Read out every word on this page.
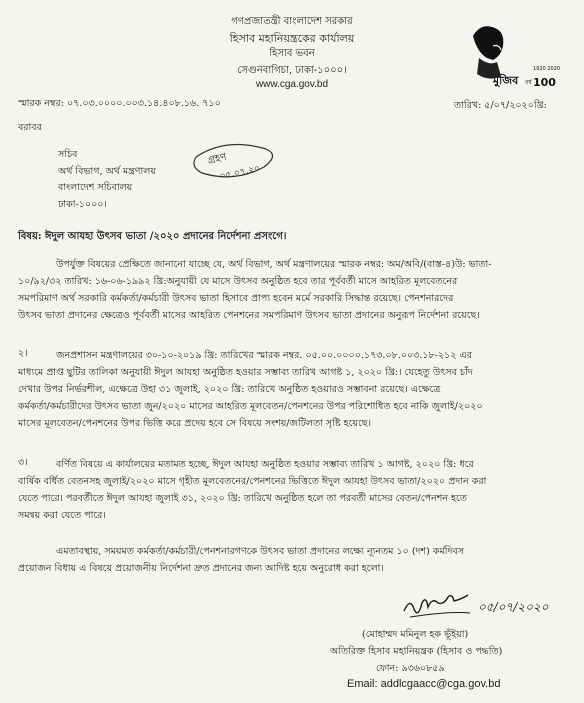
গণপ্রজাতন্ত্রী বাংলাদেশ সরকার
হিসাব মহানিয়ন্ত্রকের কার্যালয়
হিসাব ভবন
সেগুনবাগিচা, ঢাকা-১০০০।
www.cga.gov.bd	মুজিব
1920 2020
বর্ষ 100
স্মারক নম্বর: ০৭.০৩.০০০০.০০৩.১৪.৪০৮.১৬. ৭১০	তারিখ: ৫/০৭/২০২০খ্রি:
বরাবর
সচিব
অর্থ বিভাগ, অর্থ মন্ত্রণালয়
বাংলাদেশ সচিবালয়
ঢাকা-১০০০।
গ্রহণ
০৫.০৭.২০
বিষয়: ঈদুল আযহা উৎসব ভাতা /২০২০ প্রদানের নির্দেশনা প্রসংগে।
উপর্যুক্ত বিষয়ের প্রেক্ষিতে জানানো যাচ্ছে যে, অর্থ বিভাগ, অর্থ মন্ত্রণালয়ের স্মারক নম্বর: অম/অবি/(বাস্ত-৪)উ: ভাতা-
১০/৯২/৩২ তারিখ: ১৬-০৬-১৯৯২ খ্রি:অনুযায়ী যে মাসে উৎসব অনুষ্ঠিত হবে তার পূর্ববর্তী মাসে আহরিত মূলবেতনের
সমপরিমাণ অর্থ সরকারি কর্মকর্তা/কর্মচারী উৎসব ভাতা হিসাবে প্রাপ্য হবেন মর্মে সরকারি সিদ্ধান্ত রয়েছে। পেনশনারদের
উৎসব ভাতা প্রদানের ক্ষেত্রেও পূর্ববর্তী মাসের আহরিত পেনশনের সমপরিমাণ উৎসব ভাতা প্রদানের অনুরূপ নির্দেশনা রয়েছে।
২।	জনপ্রশাসন মন্ত্রণালয়ের ৩০-১০-২০১৯ খ্রি: তারিখের স্মারক নম্বর. ০৫.০০.০০০০.১৭৩.০৮.০০৩.১৮-২১২ এর
মাধ্যমে প্রাপ্ত ছুটির তালিকা অনুযায়ী ঈদুল আযহা অনুষ্ঠিত হওয়ার সম্ভাব্য তারিখ আগষ্ট ১, ২০২০ খ্রি:। যেহেতু উৎসব চাঁদ
দেখার উপর নির্ভরশীল, এক্ষেত্রে উহা ৩১ জুলাই, ২০২০ খ্রি: তারিখে অনুষ্ঠিত হওয়ারও সম্ভাবনা রয়েছে। এক্ষেত্রে
কর্মকর্তা/কর্মচারীদের উৎসব ভাতা জুন/২০২০ মাসের আহরিত মূলবেতন/পেনশনের উপর পরিশোধিত হবে নাকি জুলাই/২০২০
মাসের মূলবেতন/পেনশনের উপর ভিত্তি করে প্রদেয় হবে সে বিষয়ে সংশয়/জটিলতা সৃষ্টি হয়েছে।
৩।	বর্ণিত বিষয়ে এ কার্যালয়ের মতামত হচ্ছে, ঈদুল আযহা অনুষ্ঠিত হওয়ার সম্ভাব্য তারিখ ১ আগষ্ট, ২০২০ খ্রি: ধরে
বার্ষিক বর্ধিত বেতনসহ জুলাই/২০২০ মাসে গৃহীত মূলবেতনের/পেনশনের ভিত্তিতে ঈদুল আযহা উৎসব ভাতা/২০২০ প্রদান করা
যেতে পারে। পরবর্তীতে ঈদুল আযহা জুলাই ৩১, ২০২০ খ্রি: তারিখে অনুষ্ঠিত হলে তা পরবর্তী মাসের বেতন/পেনশন হতে
সমন্বয় করা যেতে পারে।
এমতাবস্থায়, সময়মত কর্মকর্তা/কর্মচারী/পেনশনারগণকে উৎসব ভাতা প্রদানের লক্ষ্যে ন্যূনতম ১০ (দশ) কর্মদিবস
প্রয়োজন বিধায় এ বিষয়ে প্রয়োজনীয় নির্দেশনা দ্রুত প্রদানের জন্য আদিষ্ট হয়ে অনুরোধ করা হলো।
০৫/০৭/২০২০
(মোহাম্মদ মমিনুল হক ভূঁইয়া)
অতিরিক্ত হিসাব মহানিয়ন্ত্রক (হিসাব ও পদ্ধতি)
ফোন: ৯৩৬০৮৫৯
Email: addlcgaacc@cga.gov.bd
